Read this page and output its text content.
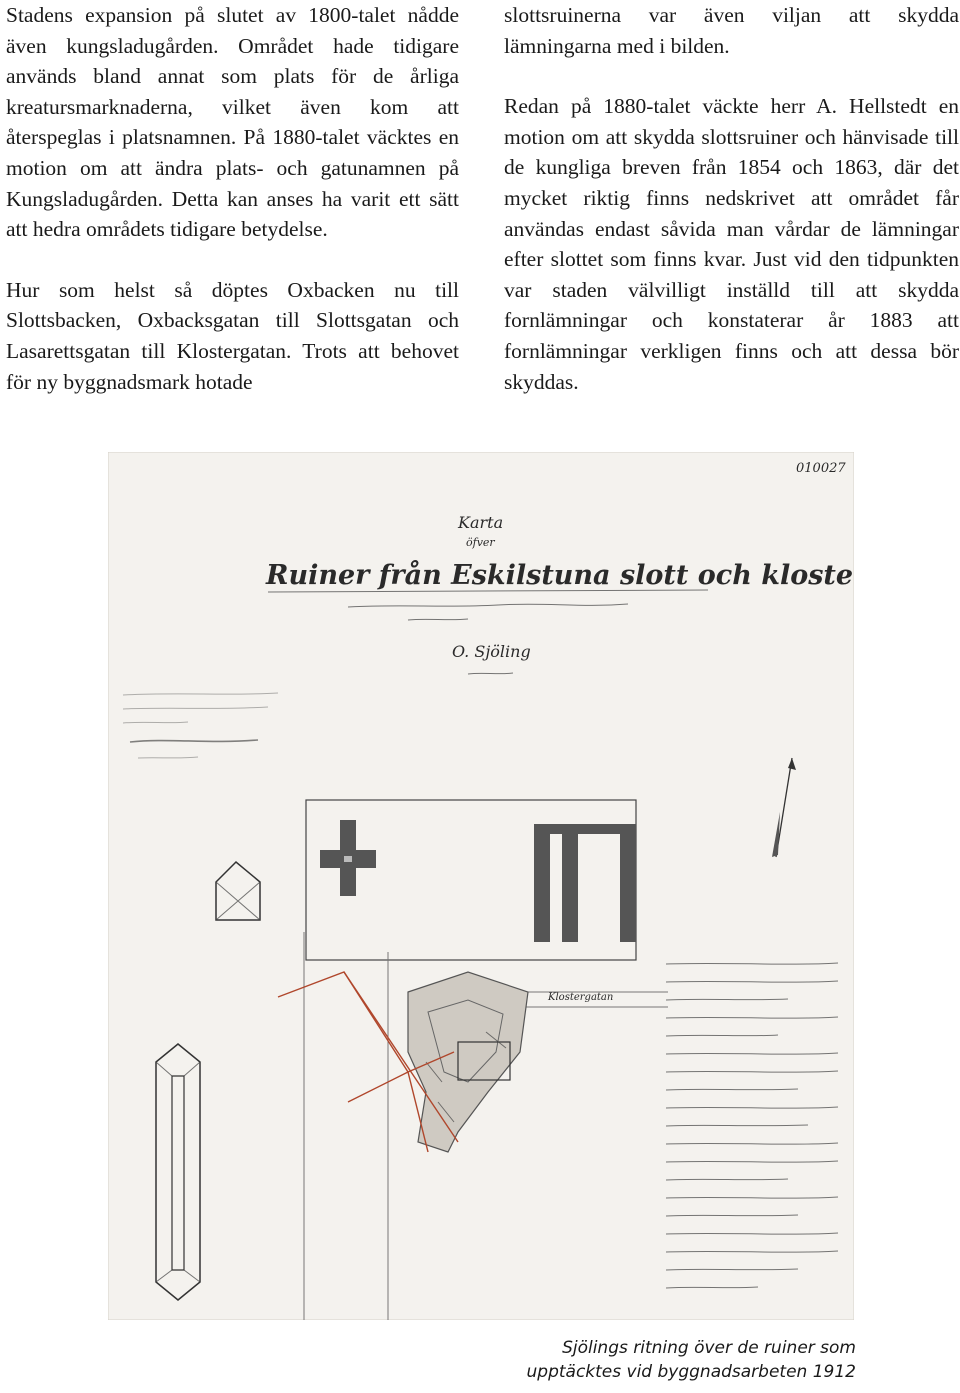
Stadens expansion på slutet av 1800-talet nådde även kungsladugården. Området hade tidigare används bland annat som plats för de årliga kreatursmarknaderna, vilket även kom att återspeglas i platsnamnen. På 1880-talet väcktes en motion om att ändra plats- och gatunamnen på Kungsladugården. Detta kan anses ha varit ett sätt att hedra områdets tidigare betydelse.

Hur som helst så döptes Oxbacken nu till Slottsbacken, Oxbacksgatan till Slottsgatan och Lasarettsgatan till Klostergatan. Trots att behovet för ny byggnadsmark hotade

slottsruinerna var även viljan att skydda lämningarna med i bilden.

Redan på 1880-talet väckte herr A. Hellstedt en motion om att skydda slottsruiner och hänvisade till de kungliga breven från 1854 och 1863, där det mycket riktig finns nedskrivet att området får användas endast såvida man vårdar de lämningar efter slottet som finns kvar. Just vid den tidpunkten var staden välvilligt inställd till att skydda fornlämningar och konstaterar år 1883 att fornlämningar verkligen finns och att dessa bör skyddas.

010027
Karta
öfver
Ruiner från Eskilstuna slott och kloster.
O. Sjöling
Klostergatan
Sjölings ritning över de ruiner som
upptäcktes vid byggnadsarbeten 1912
